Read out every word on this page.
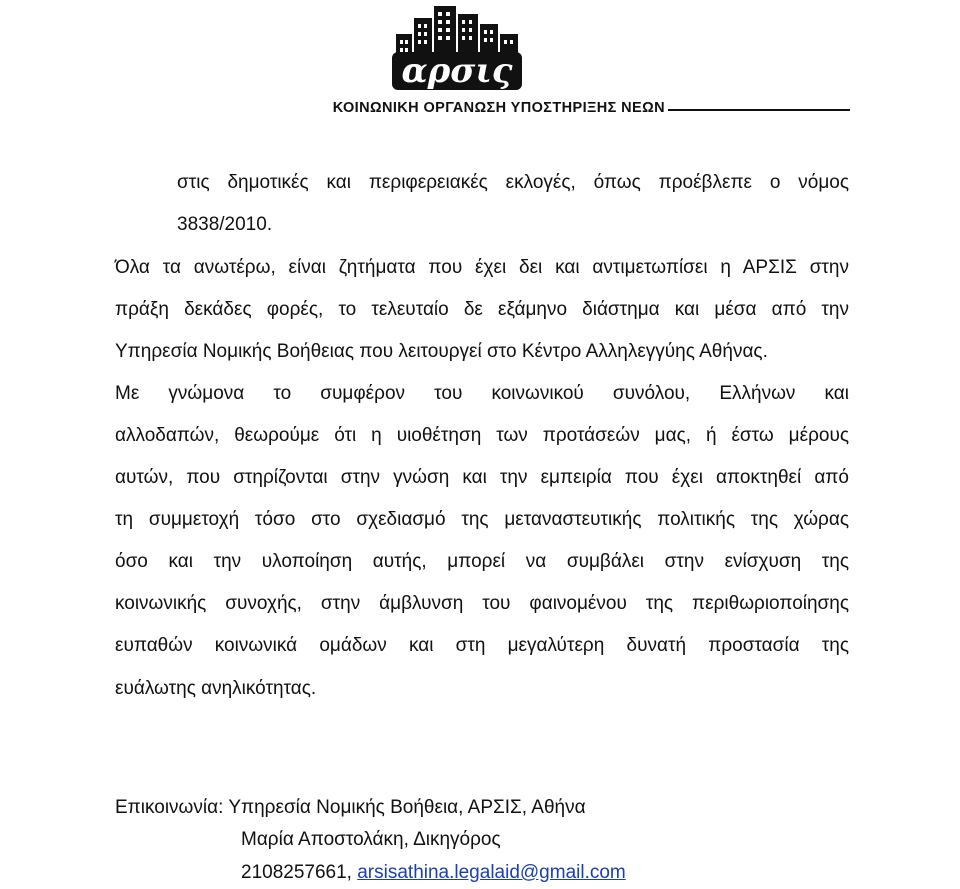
αρσις
ΚΟΙΝΩΝΙΚΗ ΟΡΓΑΝΩΣΗ ΥΠΟΣΤΗΡΙΞΗΣ ΝΕΩΝ
στις δημοτικές και περιφερειακές εκλογές, όπως προέβλεπε ο νόμος
3838/2010.
Όλα τα ανωτέρω, είναι ζητήματα που έχει δει και αντιμετωπίσει η ΑΡΣΙΣ στην
πράξη δεκάδες φορές, το τελευταίο δε εξάμηνο διάστημα και μέσα από την
Υπηρεσία Νομικής Βοήθειας που λειτουργεί στο Κέντρο Αλληλεγγύης Αθήνας.
Με γνώμονα το συμφέρον του κοινωνικού συνόλου, Ελλήνων και
αλλοδαπών, θεωρούμε ότι η υιοθέτηση των προτάσεών μας, ή έστω μέρους
αυτών, που στηρίζονται στην γνώση και την εμπειρία που έχει αποκτηθεί από
τη συμμετοχή τόσο στο σχεδιασμό της μεταναστευτικής πολιτικής της χώρας
όσο και την υλοποίηση αυτής, μπορεί να συμβάλει στην ενίσχυση της
κοινωνικής συνοχής, στην άμβλυνση του φαινομένου της περιθωριοποίησης
ευπαθών κοινωνικά ομάδων και στη μεγαλύτερη δυνατή προστασία της
ευάλωτης ανηλικότητας.
Επικοινωνία: Υπηρεσία Νομικής Βοήθεια, ΑΡΣΙΣ, Αθήνα
Μαρία Αποστολάκη, Δικηγόρος
2108257661, arsisathina.legalaid@gmail.com
